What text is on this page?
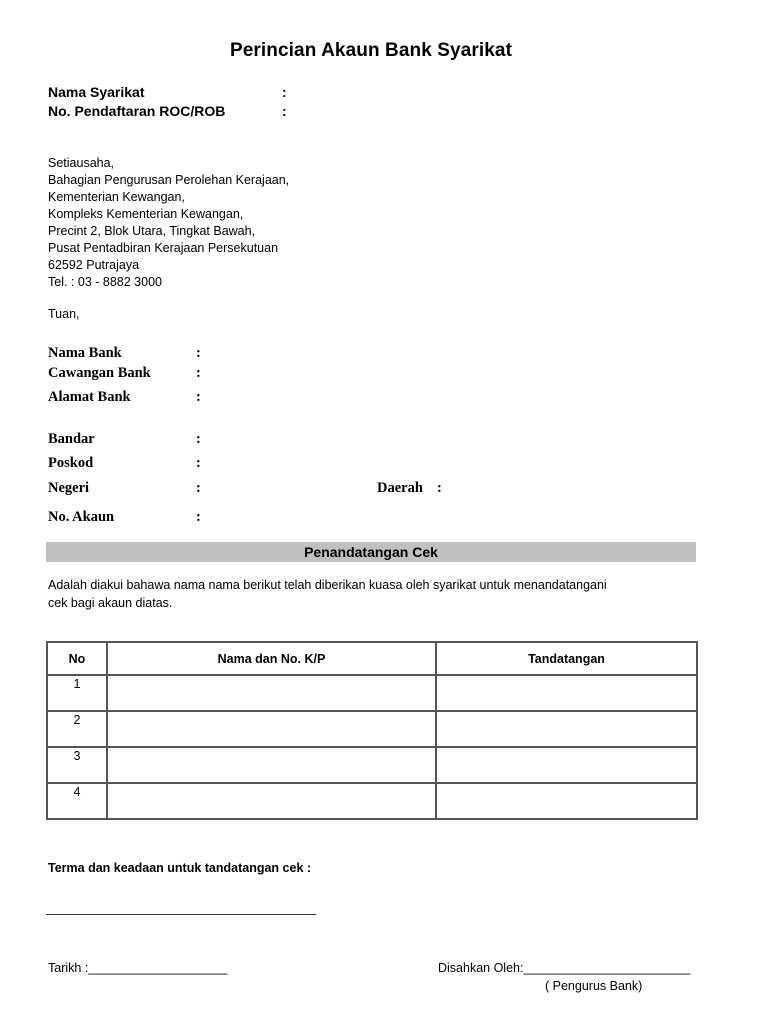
Perincian Akaun Bank Syarikat
Nama Syarikat	:
No. Pendaftaran ROC/ROB	:
Setiausaha,
Bahagian Pengurusan Perolehan Kerajaan,
Kementerian Kewangan,
Kompleks Kementerian Kewangan,
Precint 2, Blok Utara, Tingkat Bawah,
Pusat Pentadbiran Kerajaan Persekutuan
62592 Putrajaya
Tel. : 03 - 8882 3000
Tuan,
Nama Bank	:
Cawangan Bank	:
Alamat Bank	:
Bandar	:
Poskod	:
Negeri	:	Daerah :
No. Akaun	:
Penandatangan Cek
Adalah diakui bahawa nama nama berikut telah diberikan kuasa oleh syarikat untuk menandatangani
cek bagi akaun diatas.
No	Nama dan No. K/P	Tandatangan
1		
2		
3		
4		
Terma dan keadaan untuk tandatangan cek :
Tarikh :____________________	Disahkan Oleh:________________________
( Pengurus Bank)
